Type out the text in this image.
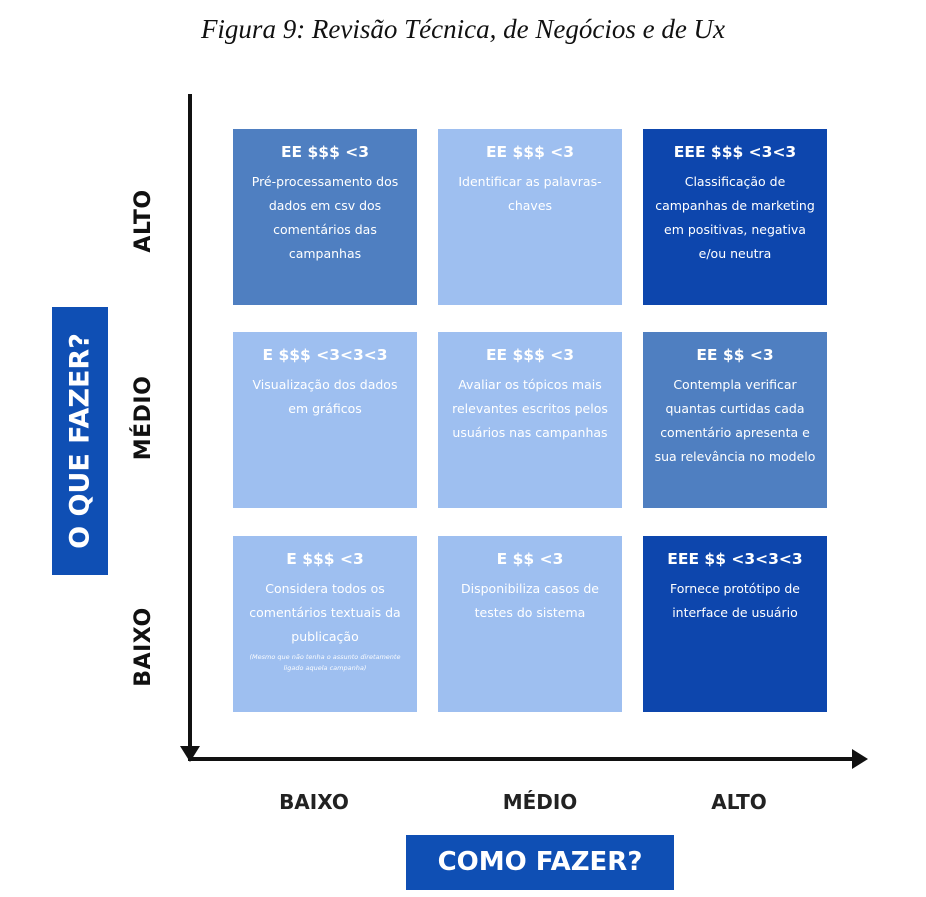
Figura 9: Revisão Técnica, de Negócios e de Ux
O QUE FAZER?
ALTO
MÉDIO
BAIXO
EE $$$ <3
Pré-processamento dos dados em csv dos comentários das campanhas
EE $$$ <3
Identificar as palavras-chaves
EEE $$$ <3<3
Classificação de campanhas de marketing em positivas, negativa e/ou neutra
E $$$ <3<3<3
Visualização dos dados em gráficos
EE $$$ <3
Avaliar os tópicos mais relevantes escritos pelos usuários nas campanhas
EE $$ <3
Contempla verificar quantas curtidas cada comentário apresenta e sua relevância no modelo
E $$$ <3
Considera todos os comentários textuais da publicação
(Mesmo que não tenha o assunto diretamente ligado aquela campanha)
E $$ <3
Disponibiliza casos de testes do sistema
EEE $$ <3<3<3
Fornece protótipo de interface de usuário
BAIXO	MÉDIO	ALTO
COMO FAZER?
